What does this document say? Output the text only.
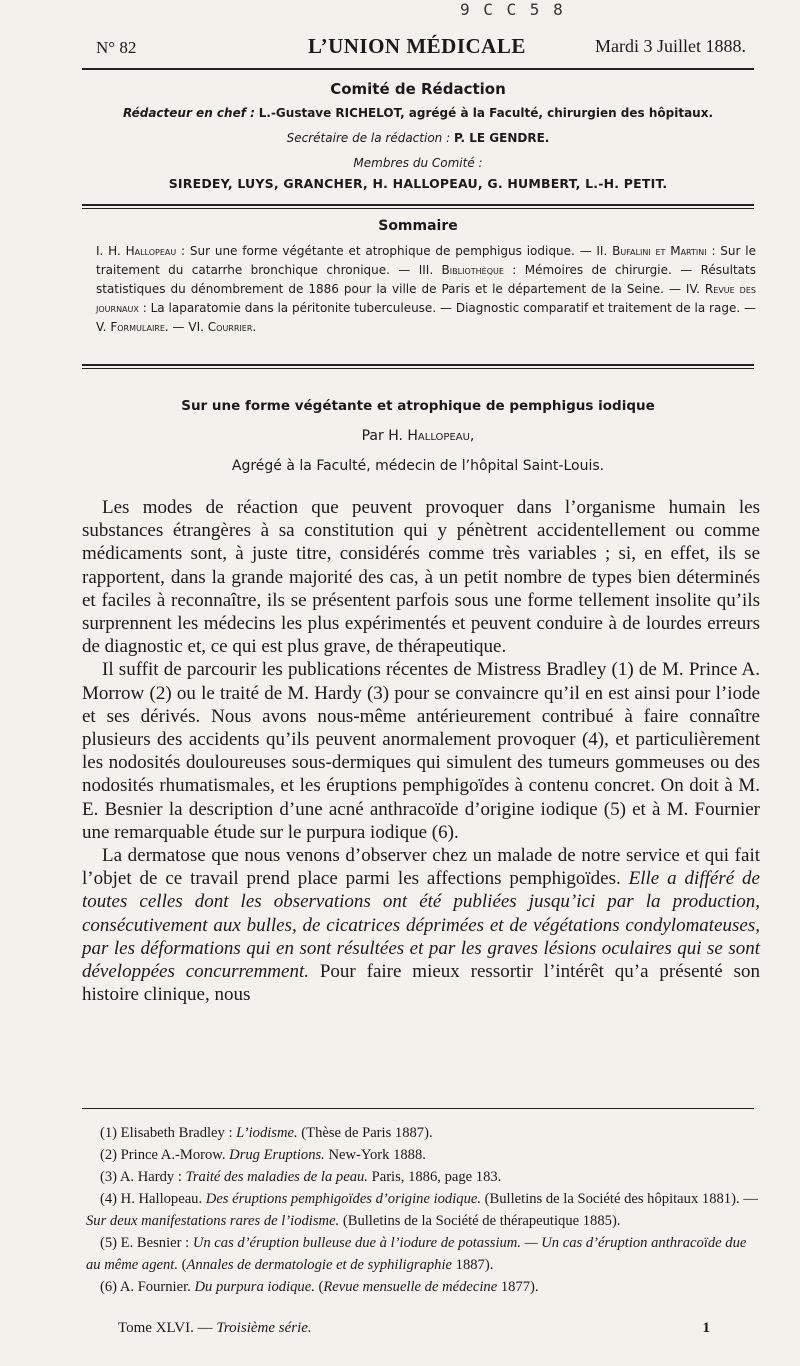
9 C C 5 8
N° 82	L’UNION MÉDICALE	Mardi 3 Juillet 1888.
Comité de Rédaction
Rédacteur en chef : L.-Gustave RICHELOT, agrégé à la Faculté, chirurgien des hôpitaux.
Secrétaire de la rédaction : P. LE GENDRE.
Membres du Comité :
SIREDEY, LUYS, GRANCHER, H. HALLOPEAU, G. HUMBERT, L.-H. PETIT.
Sommaire
I. H. Hallopeau : Sur une forme végétante et atrophique de pemphigus iodique. — II. Bufalini et Martini : Sur le traitement du catarrhe bronchique chronique. — III. Bibliothèque : Mémoires de chirurgie. — Résultats statistiques du dénombrement de 1886 pour la ville de Paris et le département de la Seine. — IV. Revue des journaux : La laparatomie dans la péritonite tuberculeuse. — Diagnostic comparatif et traitement de la rage. — V. Formulaire. — VI. Courrier.
Sur une forme végétante et atrophique de pemphigus iodique
Par H. Hallopeau,
Agrégé à la Faculté, médecin de l’hôpital Saint-Louis.

Les modes de réaction que peuvent provoquer dans l’organisme humain les substances étrangères à sa constitution qui y pénètrent accidentellement ou comme médicaments sont, à juste titre, considérés comme très variables ; si, en effet, ils se rapportent, dans la grande majorité des cas, à un petit nombre de types bien déterminés et faciles à reconnaître, ils se présentent parfois sous une forme tellement insolite qu’ils surprennent les médecins les plus expérimentés et peuvent conduire à de lourdes erreurs de diagnostic et, ce qui est plus grave, de thérapeutique.

Il suffit de parcourir les publications récentes de Mistress Bradley (1) de M. Prince A. Morrow (2) ou le traité de M. Hardy (3) pour se convaincre qu’il en est ainsi pour l’iode et ses dérivés. Nous avons nous-même antérieurement contribué à faire connaître plusieurs des accidents qu’ils peuvent anormalement provoquer (4), et particulièrement les nodosités douloureuses sous-dermiques qui simulent des tumeurs gommeuses ou des nodosités rhumatismales, et les éruptions pemphigoïdes à contenu concret. On doit à M. E. Besnier la description d’une acné anthracoïde d’origine iodique (5) et à M. Fournier une remarquable étude sur le purpura iodique (6).

La dermatose que nous venons d’observer chez un malade de notre service et qui fait l’objet de ce travail prend place parmi les affections pemphigoïdes. Elle a différé de toutes celles dont les observations ont été publiées jusqu’ici par la production, consécutivement aux bulles, de cicatrices déprimées et de végétations condylomateuses, par les déformations qui en sont résultées et par les graves lésions oculaires qui se sont développées concurremment. Pour faire mieux ressortir l’intérêt qu’a présenté son histoire clinique, nous

(1) Elisabeth Bradley : L’iodisme. (Thèse de Paris 1887).
(2) Prince A.-Morow. Drug Eruptions. New-York 1888.
(3) A. Hardy : Traité des maladies de la peau. Paris, 1886, page 183.
(4) H. Hallopeau. Des éruptions pemphigoïdes d’origine iodique. (Bulletins de la Société des hôpitaux 1881). — Sur deux manifestations rares de l’iodisme. (Bulletins de la Société de thérapeutique 1885).
(5) E. Besnier : Un cas d’éruption bulleuse due à l’iodure de potassium. — Un cas d’éruption anthracoïde due au même agent. (Annales de dermatologie et de syphiligraphie 1887).
(6) A. Fournier. Du purpura iodique. (Revue mensuelle de médecine 1877).
Tome XLVI. — Troisième série.	1
